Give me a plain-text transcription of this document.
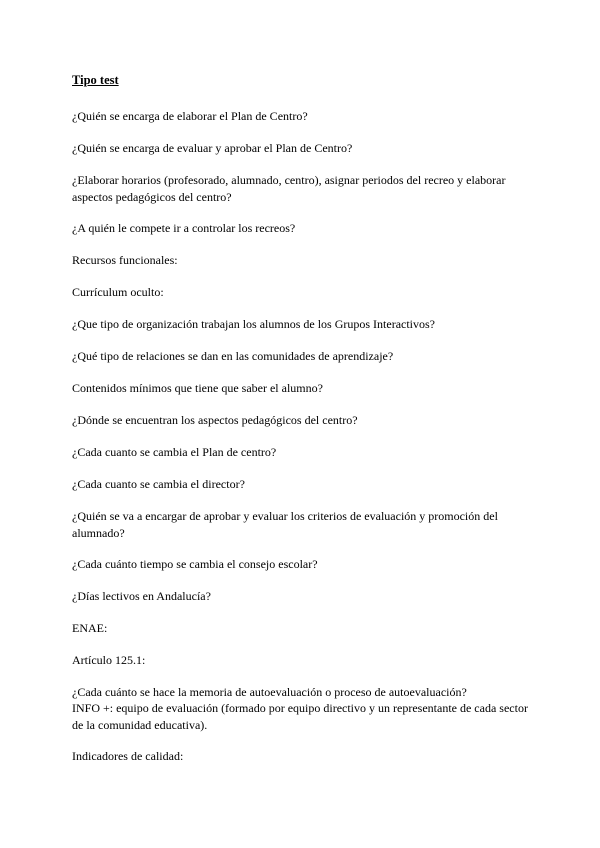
Tipo test

¿Quién se encarga de elaborar el Plan de Centro?

¿Quién se encarga de evaluar y aprobar el Plan de Centro?

¿Elaborar horarios (profesorado, alumnado, centro), asignar periodos del recreo y elaborar aspectos pedagógicos del centro?

¿A quién le compete ir a controlar los recreos?

Recursos funcionales:

Currículum oculto:

¿Que tipo de organización trabajan los alumnos de los Grupos Interactivos?

¿Qué tipo de relaciones se dan en las comunidades de aprendizaje?

Contenidos mínimos que tiene que saber el alumno?

¿Dónde se encuentran los aspectos pedagógicos del centro?

¿Cada cuanto se cambia el Plan de centro?

¿Cada cuanto se cambia el director?

¿Quién se va a encargar de aprobar y evaluar los criterios de evaluación y promoción del alumnado?

¿Cada cuánto tiempo se cambia el consejo escolar?

¿Días lectivos en Andalucía?

ENAE:

Artículo 125.1:

¿Cada cuánto se hace la memoria de autoevaluación o proceso de autoevaluación?

INFO +: equipo de evaluación (formado por equipo directivo y un representante de cada sector de la comunidad educativa).

Indicadores de calidad:
